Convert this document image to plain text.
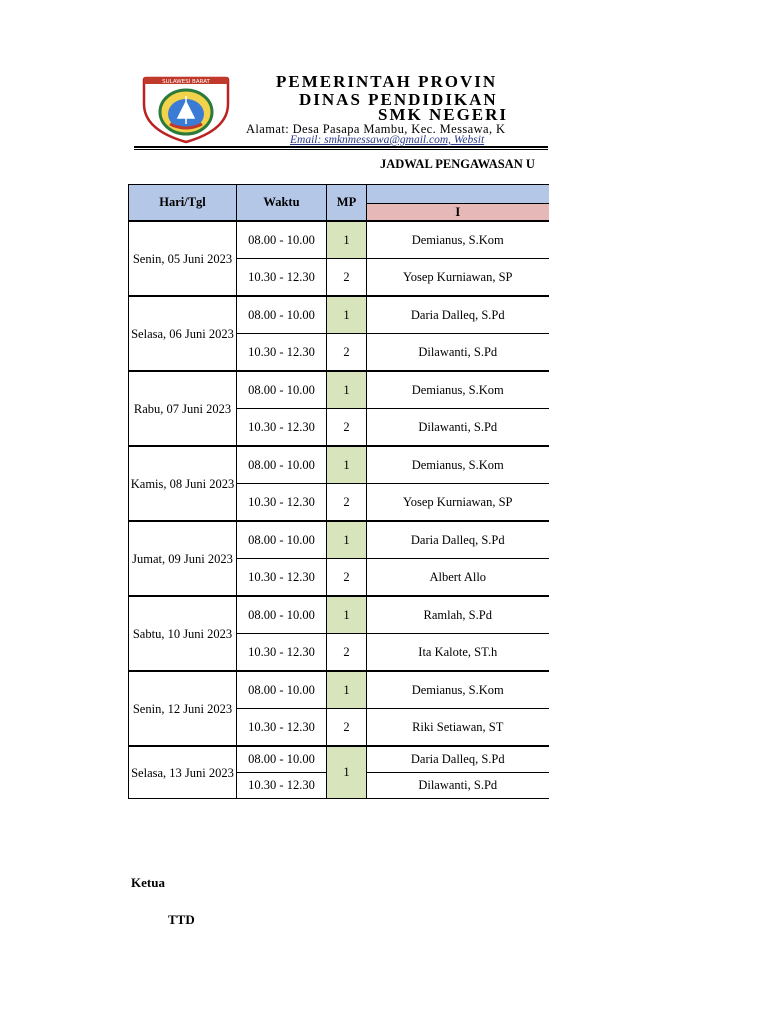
SULAWESI BARAT	PEMERINTAH PROVIN
DINAS PENDIDIKAN
SMK NEGERI
Alamat: Desa Pasapa Mambu, Kec. Messawa, K
Email: smknmessawa@gmail.com, Websit
JADWAL PENGAWASAN U
Hari/Tgl	Waktu	MP	
			I
Senin, 05 Juni 2023	08.00 - 10.00	1	Demianus, S.Kom
	10.30 - 12.30	2	Yosep Kurniawan, SP
Selasa, 06 Juni 2023	08.00 - 10.00	1	Daria Dalleq, S.Pd
	10.30 - 12.30	2	Dilawanti, S.Pd
Rabu, 07 Juni 2023	08.00 - 10.00	1	Demianus, S.Kom
	10.30 - 12.30	2	Dilawanti, S.Pd
Kamis, 08 Juni 2023	08.00 - 10.00	1	Demianus, S.Kom
	10.30 - 12.30	2	Yosep Kurniawan, SP
Jumat, 09 Juni 2023	08.00 - 10.00	1	Daria Dalleq, S.Pd
	10.30 - 12.30	2	Albert Allo
Sabtu, 10 Juni 2023	08.00 - 10.00	1	Ramlah, S.Pd
	10.30 - 12.30	2	Ita Kalote, ST.h
Senin, 12 Juni 2023	08.00 - 10.00	1	Demianus, S.Kom
	10.30 - 12.30	2	Riki Setiawan, ST
Selasa, 13 Juni 2023	08.00 - 10.00	1	Daria Dalleq, S.Pd
	10.30 - 12.30		Dilawanti, S.Pd
Ketua
TTD
